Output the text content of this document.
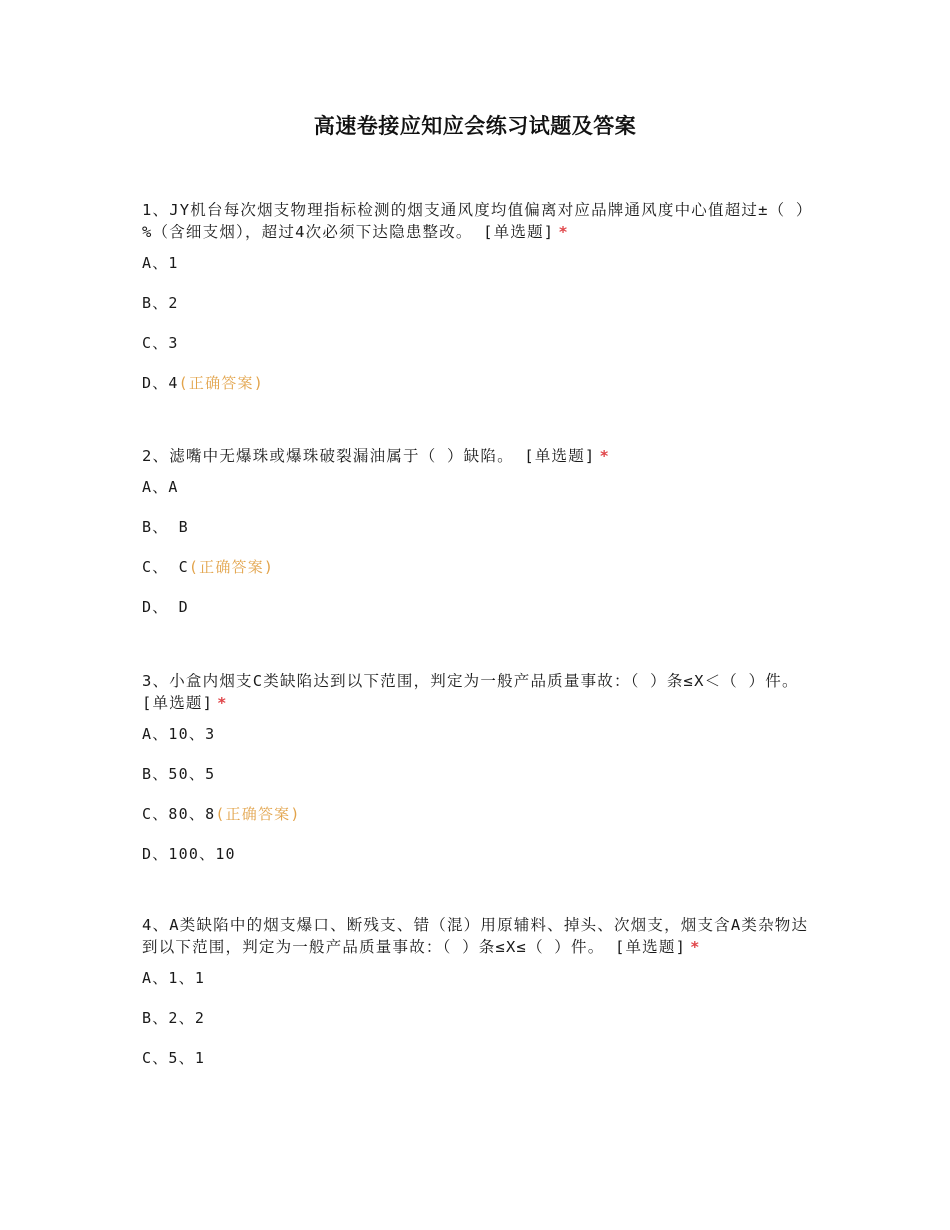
高速卷接应知应会练习试题及答案

1、JY机台每次烟支物理指标检测的烟支通风度均值偏离对应品牌通风度中心值超过±（ ）%（含细支烟），超过4次必须下达隐患整改。 [单选题] *

A、1

B、2

C、3

D、4(正确答案)

2、滤嘴中无爆珠或爆珠破裂漏油属于（ ）缺陷。 [单选题] *

A、A

B、 B

C、 C(正确答案)

D、 D

3、小盒内烟支C类缺陷达到以下范围，判定为一般产品质量事故：（ ）条≤X＜（ ）件。 [单选题] *

A、10、3

B、50、5

C、80、8(正确答案)

D、100、10

4、A类缺陷中的烟支爆口、断残支、错（混）用原辅料、掉头、次烟支，烟支含A类杂物达到以下范围，判定为一般产品质量事故：（ ）条≤X≤（ ）件。 [单选题] *

A、1、1

B、2、2

C、5、1
